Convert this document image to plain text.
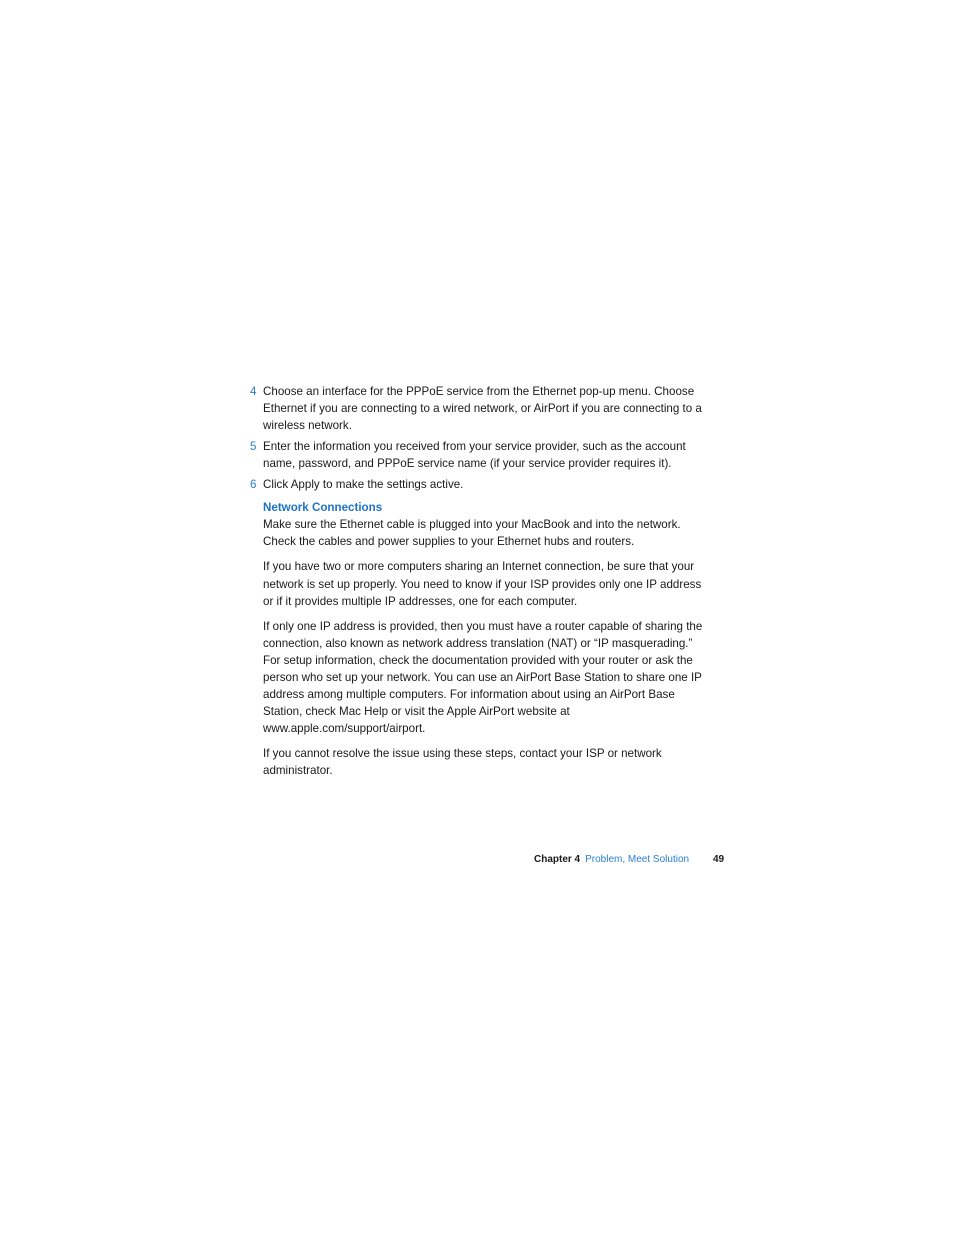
4 Choose an interface for the PPPoE service from the Ethernet pop-up menu. Choose Ethernet if you are connecting to a wired network, or AirPort if you are connecting to a wireless network.
5 Enter the information you received from your service provider, such as the account name, password, and PPPoE service name (if your service provider requires it).
6 Click Apply to make the settings active.
Network Connections

Make sure the Ethernet cable is plugged into your MacBook and into the network. Check the cables and power supplies to your Ethernet hubs and routers.

If you have two or more computers sharing an Internet connection, be sure that your network is set up properly. You need to know if your ISP provides only one IP address or if it provides multiple IP addresses, one for each computer.

If only one IP address is provided, then you must have a router capable of sharing the connection, also known as network address translation (NAT) or “IP masquerading.” For setup information, check the documentation provided with your router or ask the person who set up your network. You can use an AirPort Base Station to share one IP address among multiple computers. For information about using an AirPort Base Station, check Mac Help or visit the Apple AirPort website at www.apple.com/support/airport.

If you cannot resolve the issue using these steps, contact your ISP or network administrator.

Chapter 4 Problem, Meet Solution 49
